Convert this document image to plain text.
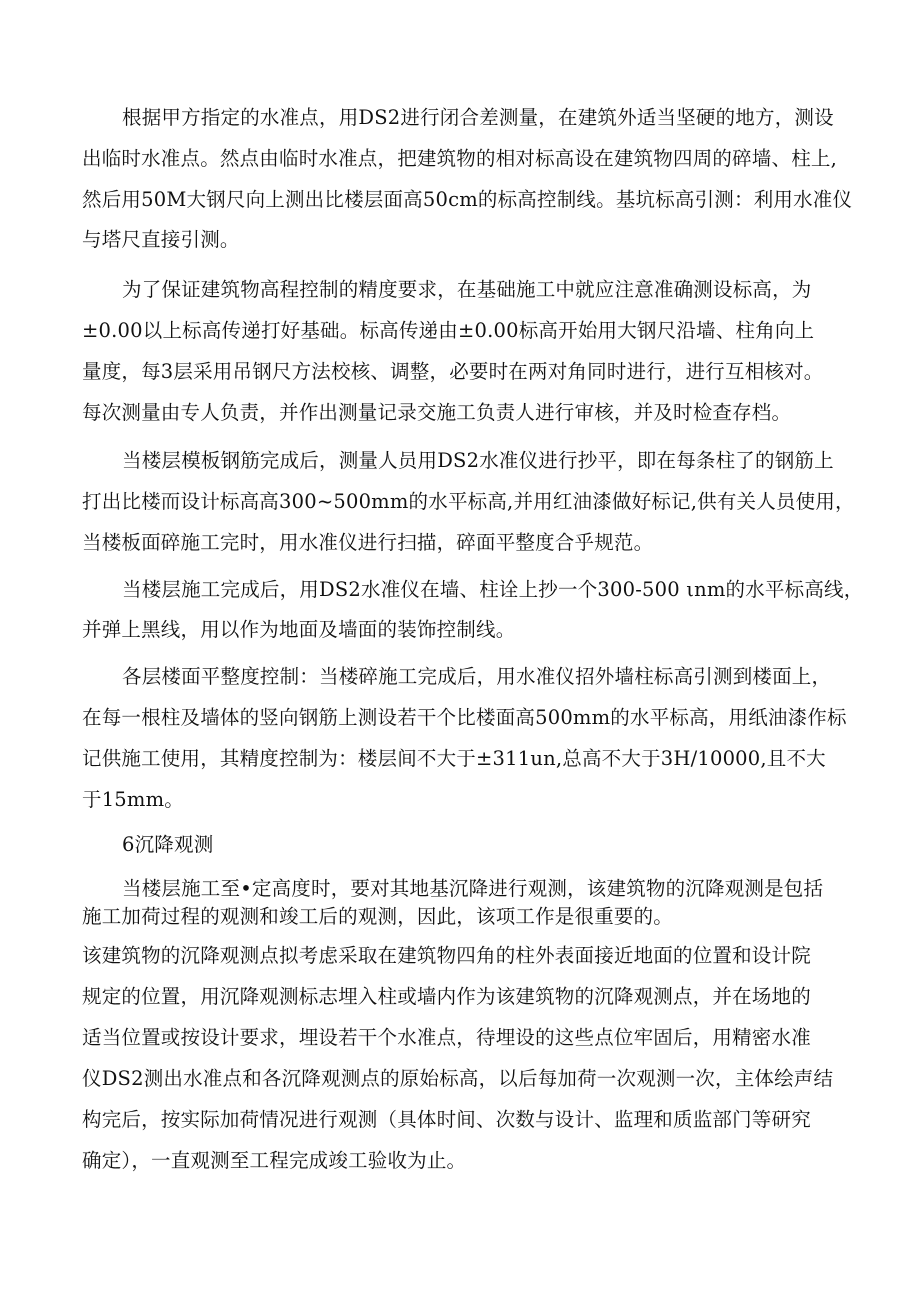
根据甲方指定的水准点，用DS2进行闭合差测量，在建筑外适当坚硬的地方，测设
出临时水准点。然点由临时水准点，把建筑物的相对标高设在建筑物四周的碎墙、柱上,
然后用50M大钢尺向上测出比楼层面高50cm的标高控制线。基坑标高引测：利用水准仪
与塔尺直接引测。
为了保证建筑物高程控制的精度要求，在基础施工中就应注意准确测设标高，为
±0.00以上标高传递打好基础。标高传递由±0.00标高开始用大钢尺沿墙、柱角向上
量度，每3层采用吊钢尺方法校核、调整，必要时在两对角同时进行，进行互相核对。
每次测量由专人负责，并作出测量记录交施工负责人进行审核，并及时检查存档。
当楼层模板钢筋完成后，测量人员用DS2水准仪进行抄平，即在每条柱了的钢筋上
打出比楼而设计标高高300~500mm的水平标高,并用红油漆做好标记,供有关人员使用，
当楼板面碎施工完时，用水准仪进行扫描，碎面平整度合乎规范。
当楼层施工完成后，用DS2水准仪在墙、柱诠上抄一个300-500 ιnm的水平标高线，
并弹上黑线，用以作为地面及墙面的装饰控制线。
各层楼面平整度控制：当楼碎施工完成后，用水准仪招外墙柱标高引测到楼面上，
在每一根柱及墙体的竖向钢筋上测设若干个比楼面高500mm的水平标高，用纸油漆作标
记供施工使用，其精度控制为：楼层间不大于±311un,总高不大于3H/10000,且不大
于15mm。
6沉降观测
当楼层施工至•定高度时，要对其地基沉降进行观测，该建筑物的沉降观测是包括
施工加荷过程的观测和竣工后的观测，因此，该项工作是很重要的。
该建筑物的沉降观测点拟考虑采取在建筑物四角的柱外表面接近地面的位置和设计院
规定的位置，用沉降观测标志埋入柱或墙内作为该建筑物的沉降观测点，并在场地的
适当位置或按设计要求，埋设若干个水准点，待埋设的这些点位牢固后，用精密水准
仪DS2测出水准点和各沉降观测点的原始标高，以后每加荷一次观测一次，主体绘声结
构完后，按实际加荷情况进行观测（具体时间、次数与设计、监理和质监部门等研究
确定），一直观测至工程完成竣工验收为止。
